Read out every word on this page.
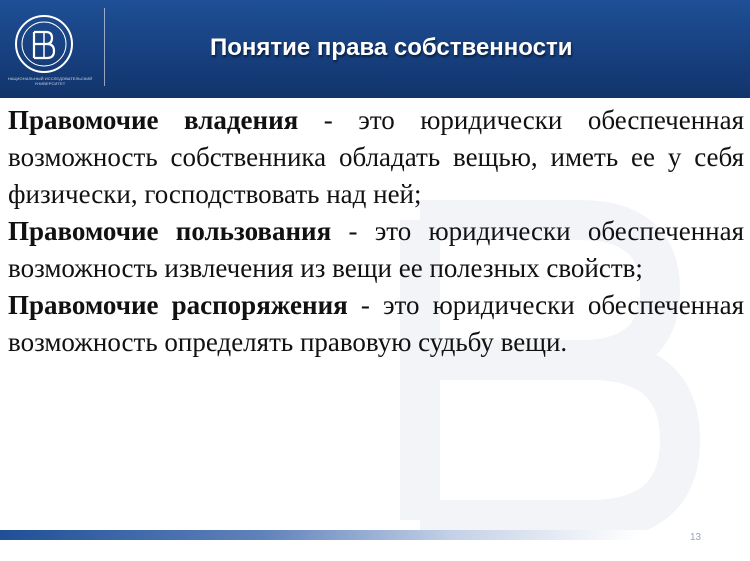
НАЦИОНАЛЬНЫЙ ИССЛЕДОВАТЕЛЬСКИЙ УНИВЕРСИТЕТ
Понятие права собственности

Правомочие владения - это юридически обеспеченная возможность собственника обладать вещью, иметь ее у себя физически, господствовать над ней;

Правомочие пользования - это юридически обеспеченная возможность извлечения из вещи ее полезных свойств;

Правомочие распоряжения - это юридически обеспеченная возможность определять правовую судьбу вещи.

13
